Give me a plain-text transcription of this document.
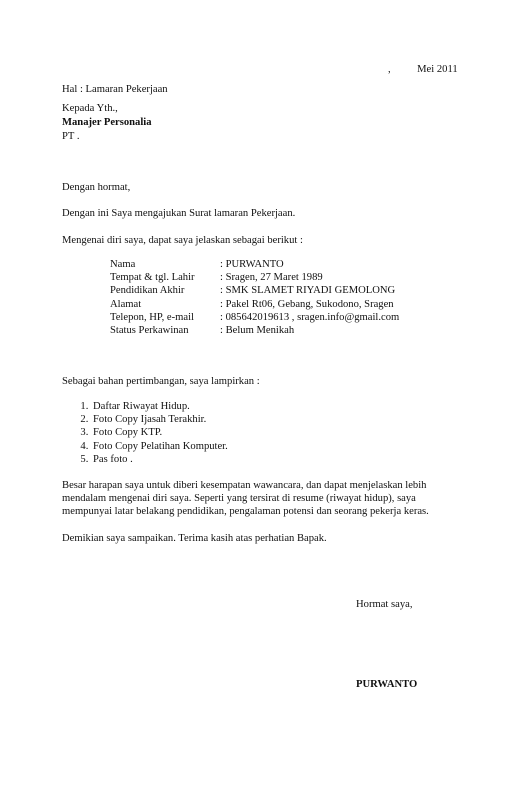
,          Mei 2011
Hal : Lamaran Pekerjaan
Kepada Yth.,
Manajer Personalia
PT .
Dengan hormat,
Dengan ini Saya mengajukan Surat lamaran Pekerjaan.
Mengenai diri saya, dapat saya jelaskan sebagai berikut :
Nama	: PURWANTO
Tempat & tgl. Lahir	: Sragen, 27 Maret 1989
Pendidikan Akhir	: SMK SLAMET RIYADI GEMOLONG
Alamat	: Pakel Rt06, Gebang, Sukodono, Sragen
Telepon, HP, e-mail	: 085642019613 , sragen.info@gmail.com
Status Perkawinan	: Belum Menikah
Sebagai bahan pertimbangan, saya lampirkan :
1. Daftar Riwayat Hidup.
2. Foto Copy Ijasah Terakhir.
3. Foto Copy KTP.
4. Foto Copy Pelatihan Komputer.
5. Pas foto .
Besar harapan saya untuk diberi kesempatan wawancara, dan dapat menjelaskan lebih
mendalam mengenai diri saya. Seperti yang tersirat di resume (riwayat hidup), saya
mempunyai latar belakang pendidikan, pengalaman potensi dan seorang pekerja keras.
Demikian saya sampaikan. Terima kasih atas perhatian Bapak.
Hormat saya,
PURWANTO
